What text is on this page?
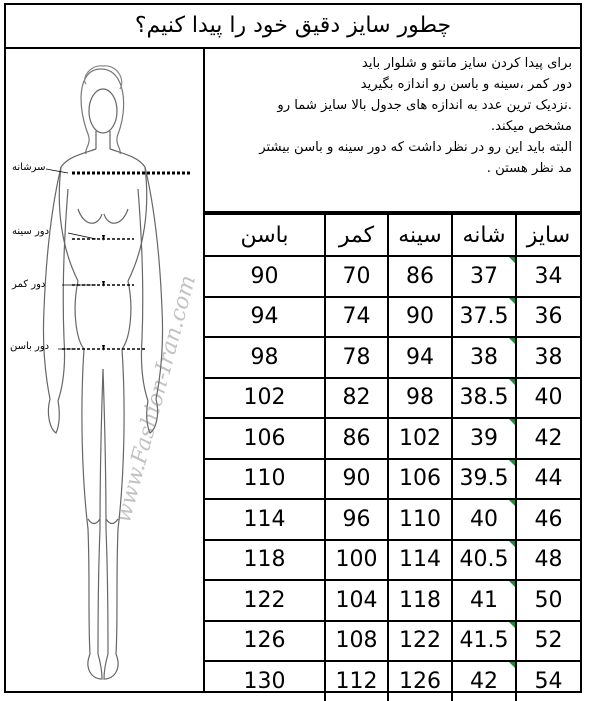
چطور سایز دقیق خود را پیدا کنیم؟
www.Fashion-Iran.com
سرشانه
دور سینه
دور کمر
دور باسن

برای پیدا کردن سایز مانتو و شلوار باید

دور کمر ،سینه و باسن رو اندازه بگیرید

.نزدیک ترین عدد به اندازه های جدول بالا سایز شما رو

مشخص میکند.

البته باید این رو در نظر داشت که دور سینه و باسن بیشتر

مد نظر هستن .

باسن	کمر	سینه	شانه	سایز
90	70	86	37	34
94	74	90	37.5	36
98	78	94	38	38
102	82	98	38.5	40
106	86	102	39	42
110	90	106	39.5	44
114	96	110	40	46
118	100	114	40.5	48
122	104	118	41	50
126	108	122	41.5	52
130	112	126	42	54
